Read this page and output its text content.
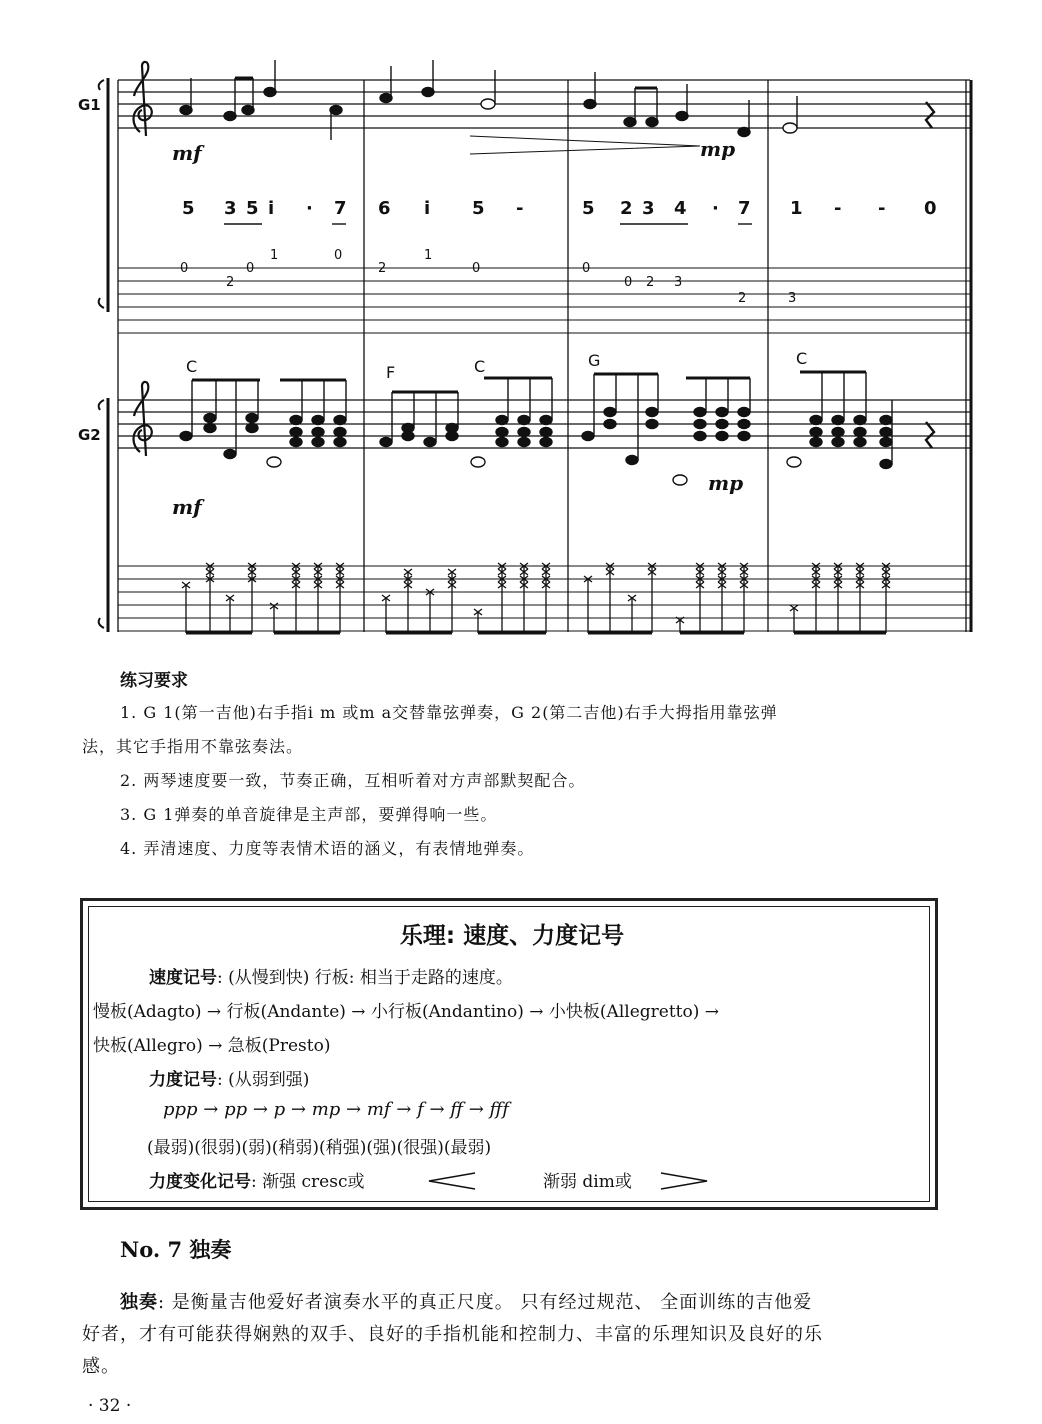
G1
G2
mf	mp
mf
mp
5 3 5 i · 7 6 i 5 -	5 2 3 4 · 7 1 - - 0
0
2
0
1	0
2
1
0	0
0 2 3
2	3
C	F	C	G	C
练习要求
1. G 1(第一吉他)右手指i m 或m a交替靠弦弹奏，G 2(第二吉他)右手大拇指用靠弦弹
法，其它手指用不靠弦奏法。
2. 两琴速度要一致，节奏正确，互相听着对方声部默契配合。
3. G 1弹奏的单音旋律是主声部，要弹得响一些。
4. 弄清速度、力度等表情术语的涵义，有表情地弹奏。
乐理: 速度、力度记号
速度记号: (从慢到快) 行板: 相当于走路的速度。
慢板(Adagto) → 行板(Andante) → 小行板(Andantino) → 小快板(Allegretto) →
快板(Allegro) → 急板(Presto)
力度记号: (从弱到强)
ppp → pp → p → mp → mf → f → ff → fff
(最弱)(很弱)(弱)(稍弱)(稍强)(强)(很强)(最弱)
力度变化记号: 渐强 cresc或	渐弱 dim或
No. 7 独奏
独奏: 是衡量吉他爱好者演奏水平的真正尺度。 只有经过规范、 全面训练的吉他爱
好者，才有可能获得娴熟的双手、良好的手指机能和控制力、丰富的乐理知识及良好的乐
感。
· 32 ·
